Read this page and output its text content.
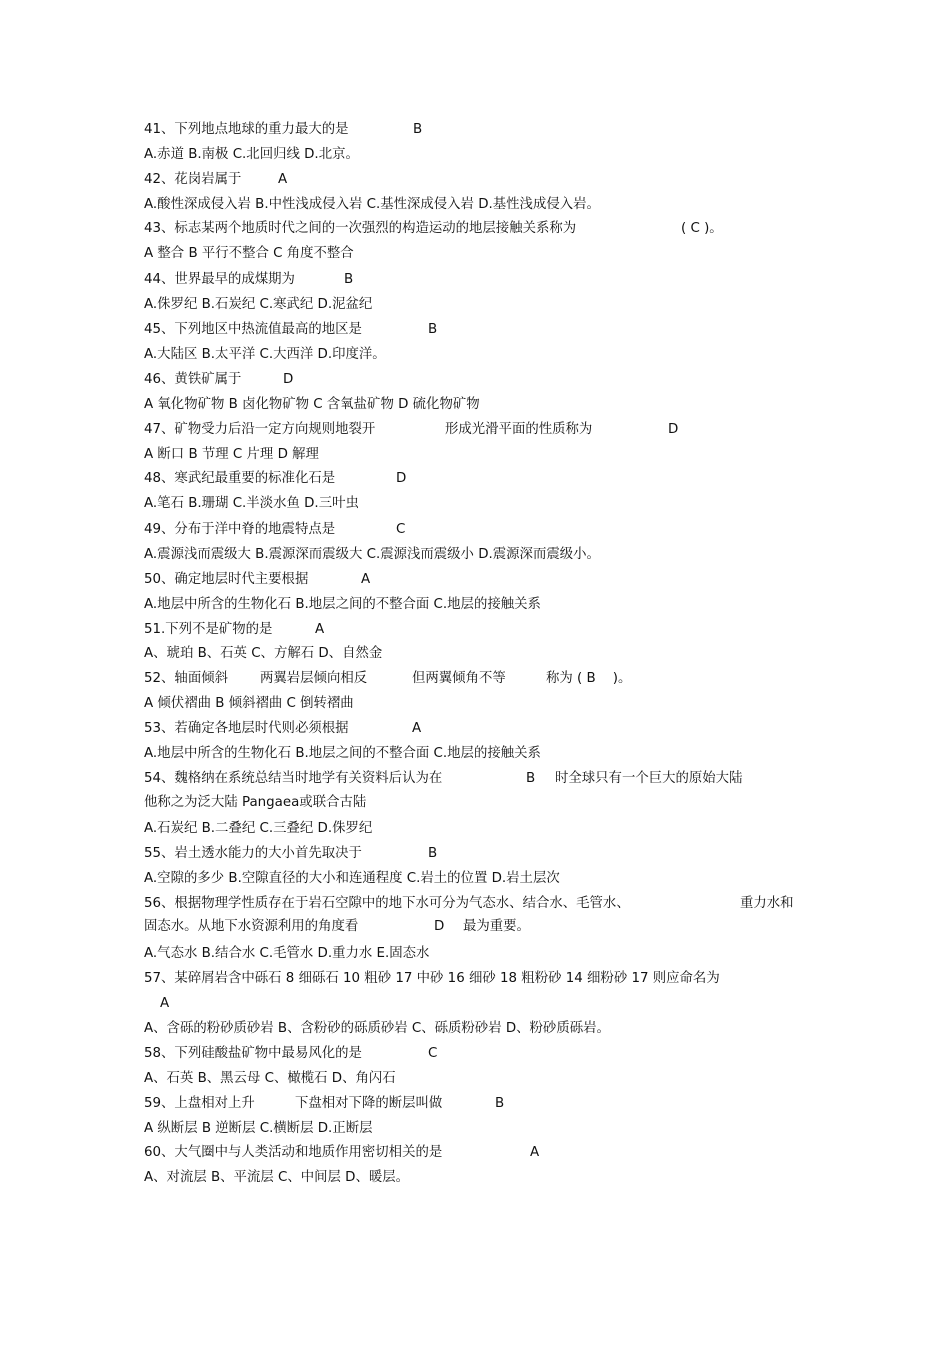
41、下列地点地球的重力最大的是	B

A.赤道 B.南极 C.北回归线 D.北京。

42、花岗岩属于	A

A.酸性深成侵入岩 B.中性浅成侵入岩 C.基性深成侵入岩 D.基性浅成侵入岩。

43、标志某两个地质时代之间的一次强烈的构造运动的地层接触关系称为	( C )。

A 整合 B 平行不整合 C 角度不整合

44、世界最早的成煤期为	B

A.侏罗纪 B.石炭纪 C.寒武纪 D.泥盆纪

45、下列地区中热流值最高的地区是	B

A.大陆区 B.太平洋 C.大西洋 D.印度洋。

46、黄铁矿属于	D

A 氧化物矿物 B 卤化物矿物 C 含氧盐矿物 D 硫化物矿物

47、矿物受力后沿一定方向规则地裂开	形成光滑平面的性质称为	D

A 断口 B 节理 C 片理 D 解理

48、寒武纪最重要的标准化石是	D

A.笔石 B.珊瑚 C.半淡水鱼 D.三叶虫

49、分布于洋中脊的地震特点是	C

A.震源浅而震级大 B.震源深而震级大 C.震源浅而震级小 D.震源深而震级小。

50、确定地层时代主要根据	A

A.地层中所含的生物化石 B.地层之间的不整合面 C.地层的接触关系

51.下列不是矿物的是	A

A、琥珀 B、石英 C、方解石 D、自然金

52、轴面倾斜 两翼岩层倾向相反	但两翼倾角不等	称为 ( B    )。

A 倾伏褶曲 B 倾斜褶曲 C 倒转褶曲

53、若确定各地层时代则必须根据	A

A.地层中所含的生物化石 B.地层之间的不整合面 C.地层的接触关系

54、魏格纳在系统总结当时地学有关资料后认为在	B 时全球只有一个巨大的原始大陆

他称之为泛大陆 Pangaea或联合古陆

A.石炭纪 B.二叠纪 C.三叠纪 D.侏罗纪

55、岩土透水能力的大小首先取决于	B

A.空隙的多少 B.空隙直径的大小和连通程度 C.岩土的位置 D.岩土层次

56、根据物理学性质存在于岩石空隙中的地下水可分为气态水、结合水、毛管水、	重力水和

固态水。从地下水资源利用的角度看	D 最为重要。

A.气态水 B.结合水 C.毛管水 D.重力水 E.固态水

57、某碎屑岩含中砾石 8 细砾石 10 粗砂 17 中砂 16 细砂 18 粗粉砂 14 细粉砂 17 则应命名为

A

A、含砾的粉砂质砂岩 B、含粉砂的砾质砂岩 C、砾质粉砂岩 D、粉砂质砾岩。

58、下列硅酸盐矿物中最易风化的是	C

A、石英 B、黑云母 C、橄榄石 D、角闪石

59、上盘相对上升	下盘相对下降的断层叫做	B

A 纵断层 B 逆断层 C.横断层 D.正断层

60、大气圈中与人类活动和地质作用密切相关的是	A

A、对流层 B、平流层 C、中间层 D、暖层。
